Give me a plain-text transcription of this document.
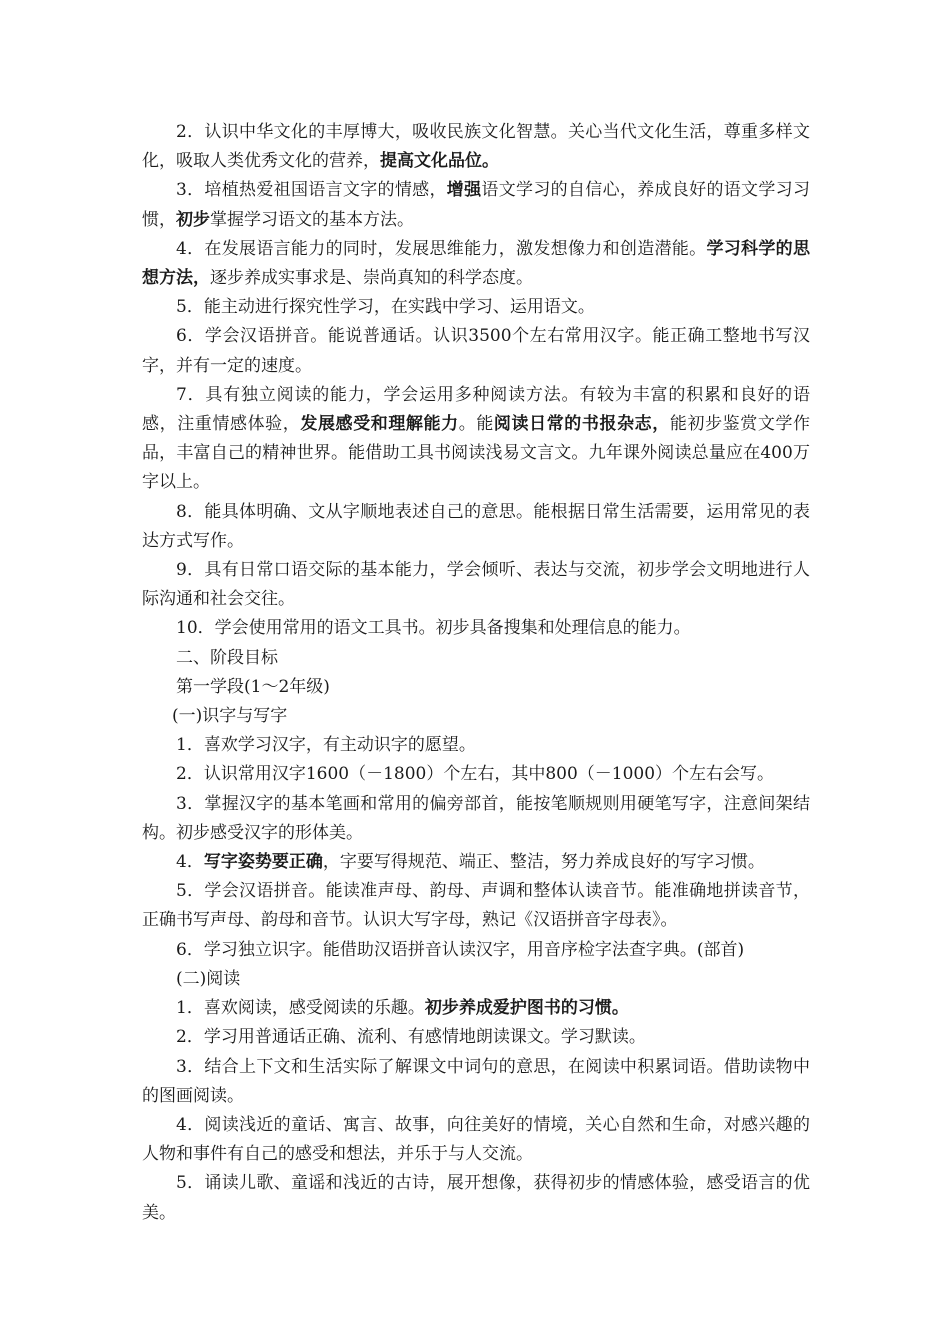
2．认识中华文化的丰厚博大，吸收民族文化智慧。关心当代文化生活，尊重多样文化，吸取人类优秀文化的营养，提高文化品位。

3．培植热爱祖国语言文字的情感，增强语文学习的自信心，养成良好的语文学习习惯，初步掌握学习语文的基本方法。

4．在发展语言能力的同时，发展思维能力，激发想像力和创造潜能。学习科学的思想方法，逐步养成实事求是、崇尚真知的科学态度。

5．能主动进行探究性学习，在实践中学习、运用语文。

6．学会汉语拼音。能说普通话。认识3500个左右常用汉字。能正确工整地书写汉字，并有一定的速度。

7．具有独立阅读的能力，学会运用多种阅读方法。有较为丰富的积累和良好的语感，注重情感体验，发展感受和理解能力。能阅读日常的书报杂志，能初步鉴赏文学作品，丰富自己的精神世界。能借助工具书阅读浅易文言文。九年课外阅读总量应在400万字以上。

8．能具体明确、文从字顺地表述自己的意思。能根据日常生活需要，运用常见的表达方式写作。

9．具有日常口语交际的基本能力，学会倾听、表达与交流，初步学会文明地进行人际沟通和社会交往。

10．学会使用常用的语文工具书。初步具备搜集和处理信息的能力。

二、阶段目标

第一学段(1～2年级)

(一)识字与写字

1．喜欢学习汉字，有主动识字的愿望。

2．认识常用汉字1600（－1800）个左右，其中800（－1000）个左右会写。

3．掌握汉字的基本笔画和常用的偏旁部首，能按笔顺规则用硬笔写字，注意间架结构。初步感受汉字的形体美。

4．写字姿势要正确，字要写得规范、端正、整洁，努力养成良好的写字习惯。

5．学会汉语拼音。能读准声母、韵母、声调和整体认读音节。能准确地拼读音节，正确书写声母、韵母和音节。认识大写字母，熟记《汉语拼音字母表》。

6．学习独立识字。能借助汉语拼音认读汉字，用音序检字法查字典。(部首)

(二)阅读

1．喜欢阅读，感受阅读的乐趣。初步养成爱护图书的习惯。

2．学习用普通话正确、流利、有感情地朗读课文。学习默读。

3．结合上下文和生活实际了解课文中词句的意思，在阅读中积累词语。借助读物中的图画阅读。

4．阅读浅近的童话、寓言、故事，向往美好的情境，关心自然和生命，对感兴趣的人物和事件有自己的感受和想法，并乐于与人交流。

5．诵读儿歌、童谣和浅近的古诗，展开想像，获得初步的情感体验，感受语言的优美。
